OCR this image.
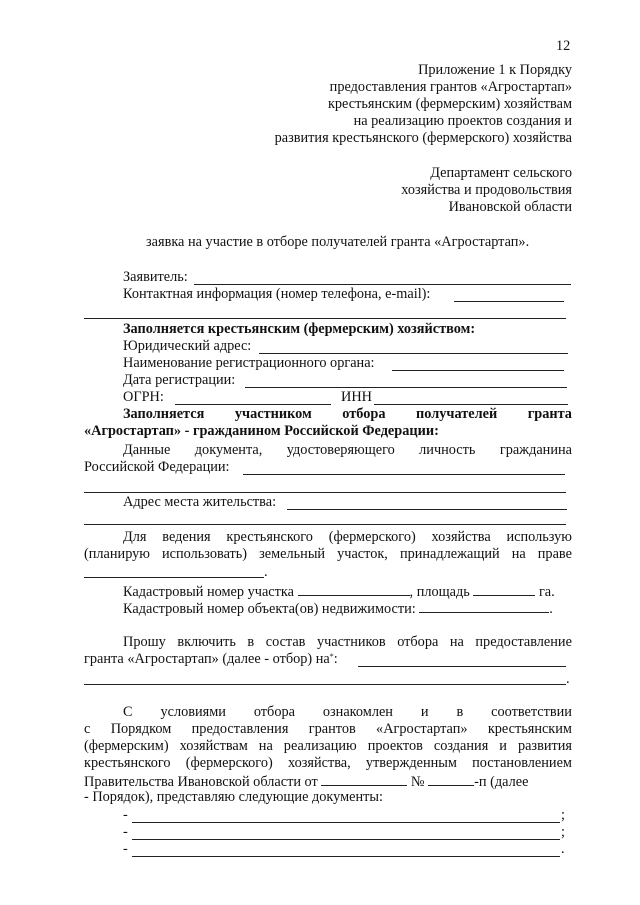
12
Приложение 1 к Порядку
предоставления грантов «Агростартап»
крестьянским (фермерским) хозяйствам
на реализацию проектов создания и
развития крестьянского (фермерского) хозяйства
Департамент сельского
хозяйства и продовольствия
Ивановской области
заявка на участие в отборе получателей гранта «Агростартап».
Заявитель:
Контактная информация (номер телефона, e-mail):
Заполняется крестьянским (фермерским) хозяйством:
Юридический адрес:
Наименование регистрационного органа:
Дата регистрации:
ОГРН:	ИНН
Заполняется участником отбора получателей гранта
«Агростартап» - гражданином Российской Федерации:
Данные документа, удостоверяющего личность гражданина
Российской Федерации:
Адрес места жительства:
Для ведения крестьянского (фермерского) хозяйства использую
(планирую использовать) земельный участок, принадлежащий на праве
.
Кадастровый номер участка	, площадь	га.
Кадастровый номер объекта(ов) недвижимости:	.
Прошу включить в состав участников отбора на предоставление
гранта «Агростартап» (далее - отбор) на*:
.
С условиями отбора ознакомлен и в соответствии
с Порядком предоставления грантов «Агростартап» крестьянским
(фермерским) хозяйствам на реализацию проектов создания и развития
крестьянского (фермерского) хозяйства, утвержденным постановлением
Правительства Ивановской области от	№	-п (далее
- Порядок), представляю следующие документы:
-	;
-	;
-	.
